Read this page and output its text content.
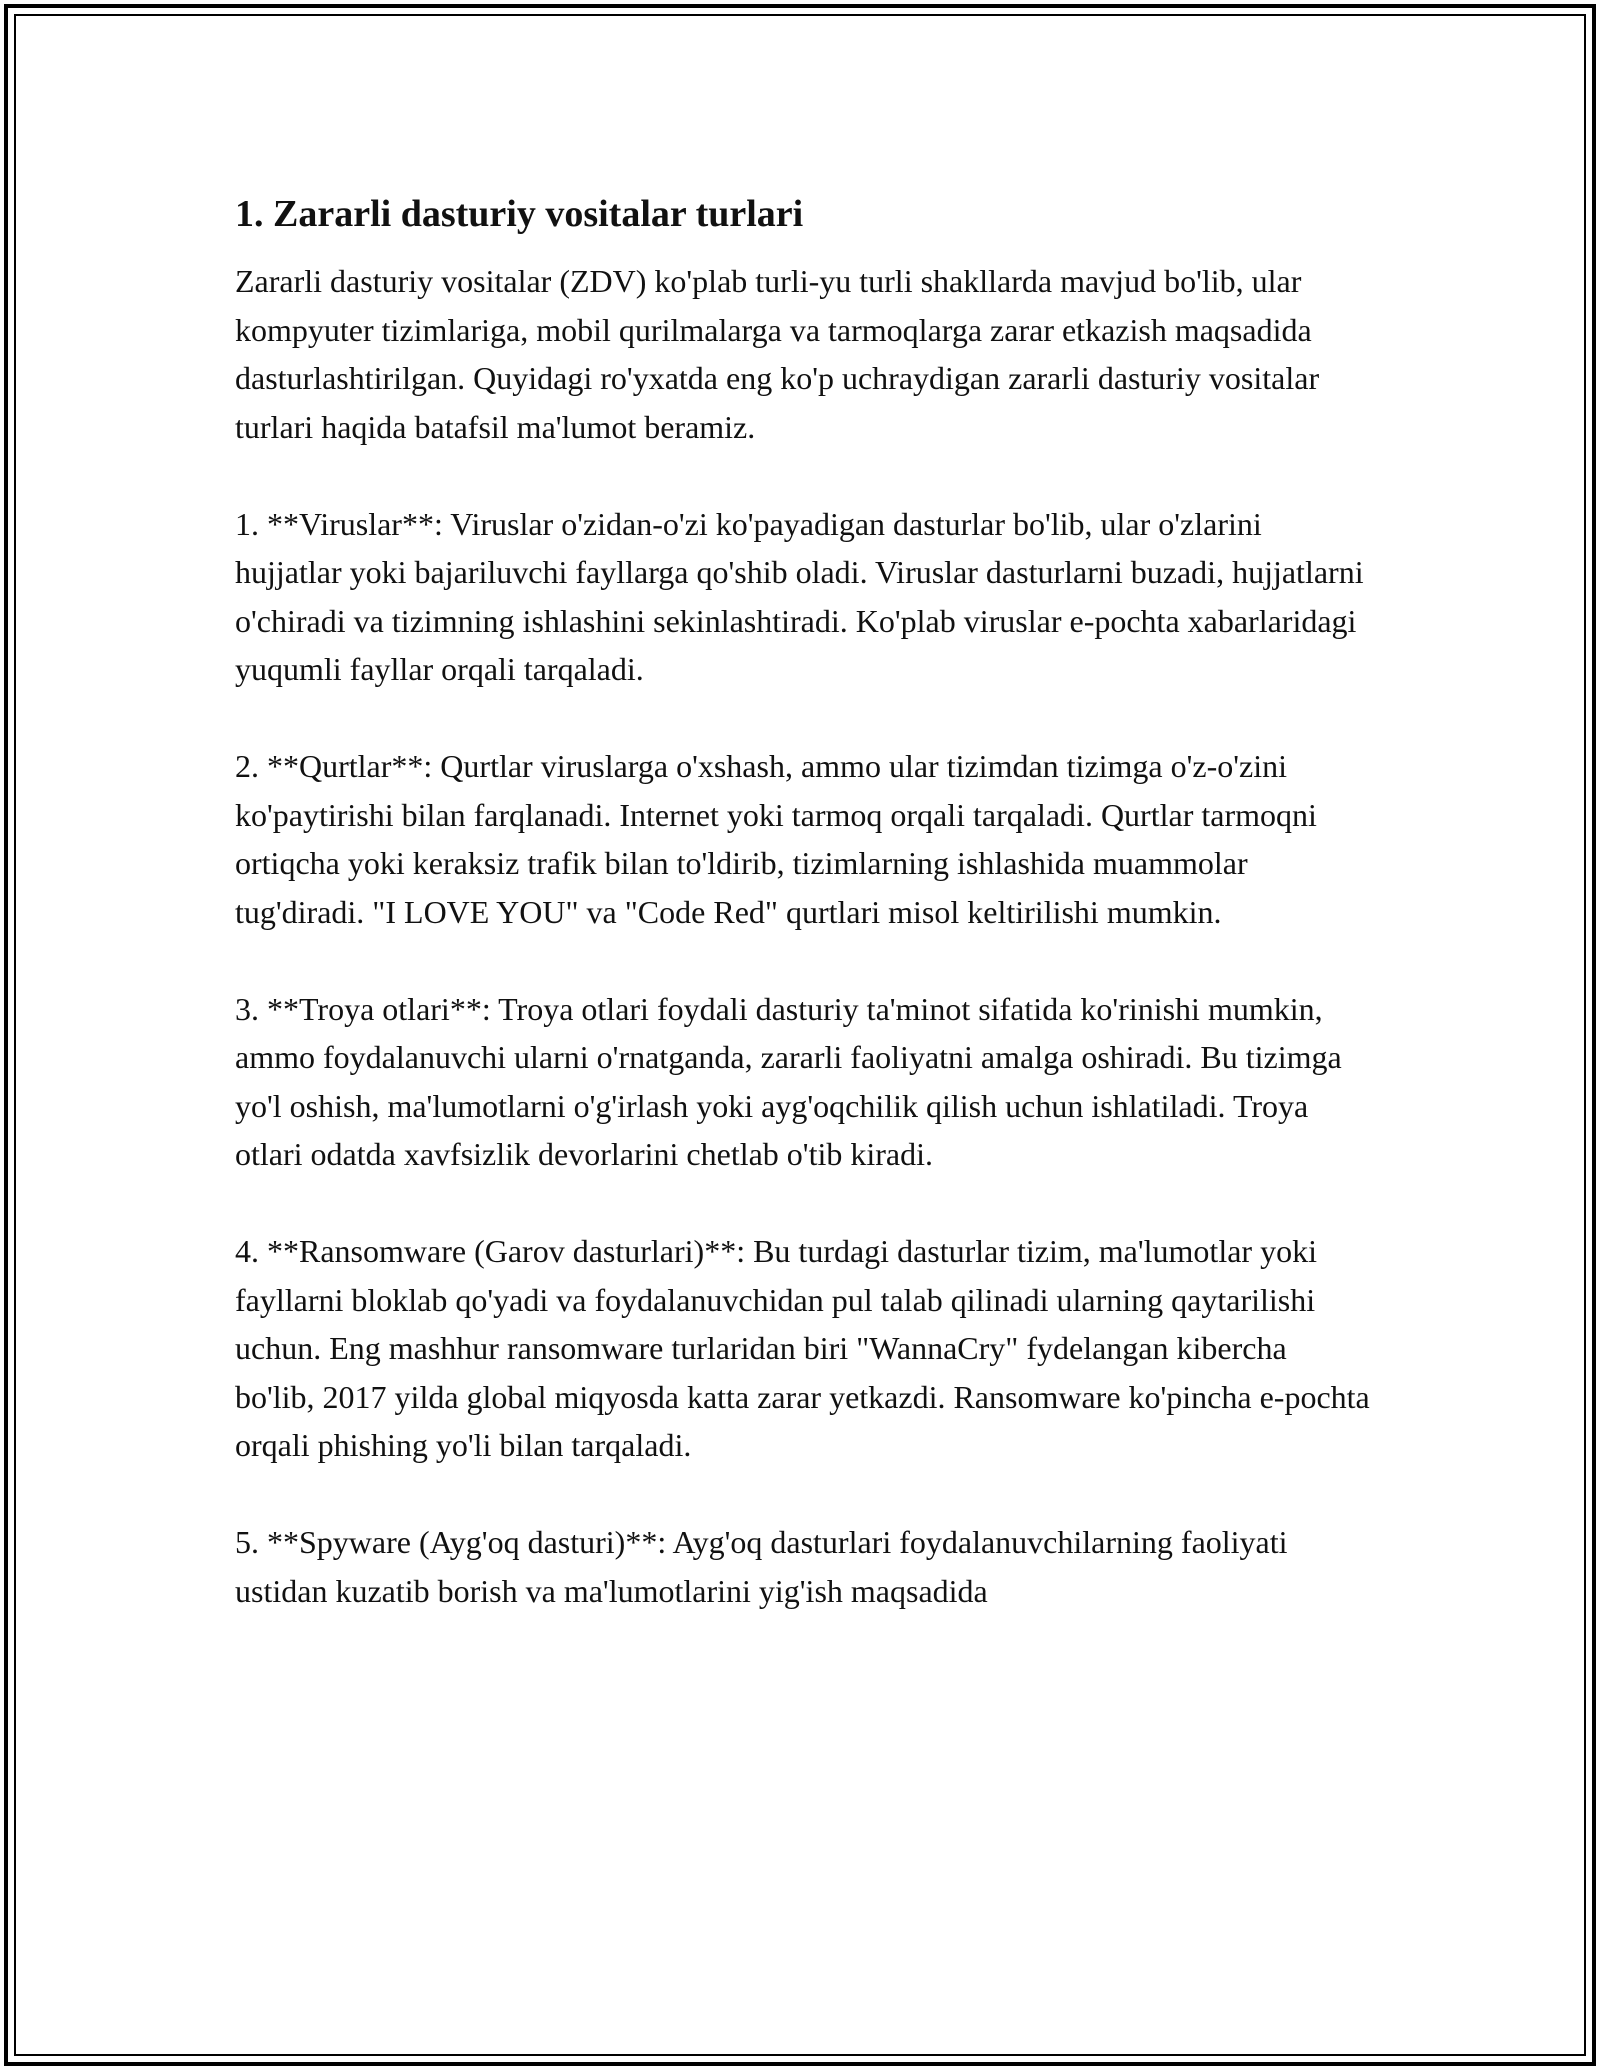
1. Zararli dasturiy vositalar turlari

Zararli dasturiy vositalar (ZDV) ko'plab turli-yu turli shakllarda mavjud bo'lib, ular kompyuter tizimlariga, mobil qurilmalarga va tarmoqlarga zarar etkazish maqsadida dasturlashtirilgan. Quyidagi ro'yxatda eng ko'p uchraydigan zararli dasturiy vositalar turlari haqida batafsil ma'lumot beramiz.

1. **Viruslar**: Viruslar o'zidan-o'zi ko'payadigan dasturlar bo'lib, ular o'zlarini hujjatlar yoki bajariluvchi fayllarga qo'shib oladi. Viruslar dasturlarni buzadi, hujjatlarni o'chiradi va tizimning ishlashini sekinlashtiradi. Ko'plab viruslar e-pochta xabarlaridagi yuqumli fayllar orqali tarqaladi.

2. **Qurtlar**: Qurtlar viruslarga o'xshash, ammo ular tizimdan tizimga o'z-o'zini ko'paytirishi bilan farqlanadi. Internet yoki tarmoq orqali tarqaladi. Qurtlar tarmoqni ortiqcha yoki keraksiz trafik bilan to'ldirib, tizimlarning ishlashida muammolar tug'diradi. "I LOVE YOU" va "Code Red" qurtlari misol keltirilishi mumkin.

3. **Troya otlari**: Troya otlari foydali dasturiy ta'minot sifatida ko'rinishi mumkin, ammo foydalanuvchi ularni o'rnatganda, zararli faoliyatni amalga oshiradi. Bu tizimga yo'l oshish, ma'lumotlarni o'g'irlash yoki ayg'oqchilik qilish uchun ishlatiladi. Troya otlari odatda xavfsizlik devorlarini chetlab o'tib kiradi.

4. **Ransomware (Garov dasturlari)**: Bu turdagi dasturlar tizim, ma'lumotlar yoki fayllarni bloklab qo'yadi va foydalanuvchidan pul talab qilinadi ularning qaytarilishi uchun. Eng mashhur ransomware turlaridan biri "WannaCry" fydelangan kiberchа bo'lib, 2017 yilda global miqyosda katta zarar yetkazdi. Ransomware ko'pincha e-pochta orqali phishing yo'li bilan tarqaladi.

5. **Spyware (Ayg'oq dasturi)**: Ayg'oq dasturlari foydalanuvchilarning faoliyati ustidan kuzatib borish va ma'lumotlarini yig'ish maqsadida
